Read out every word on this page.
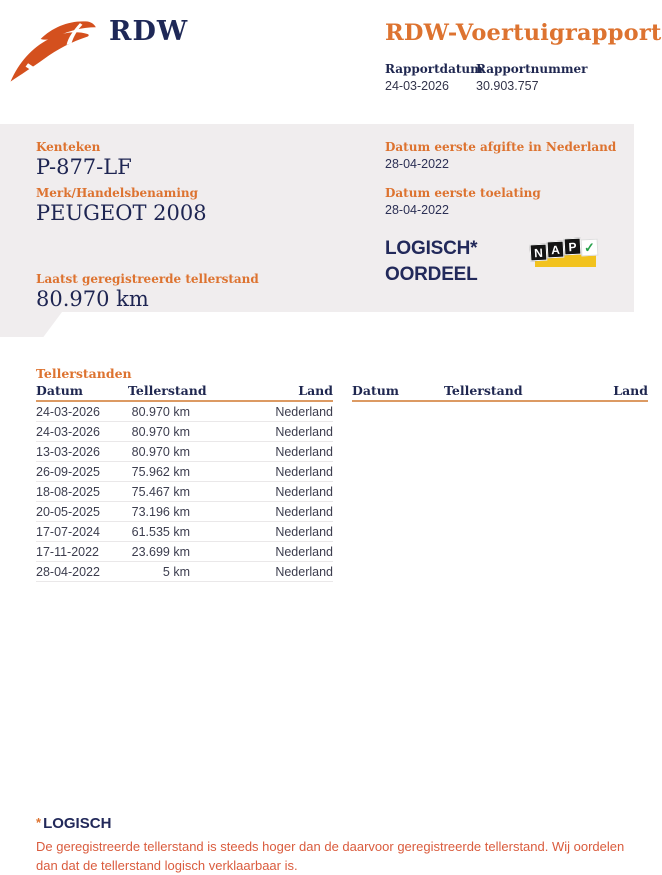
RDW	RDW-Voertuigrapport
Rapportdatum
24-03-2026
Rapportnummer
30.903.757
Kenteken
P-877-LF
Merk/Handelsbenaming
PEUGEOT 2008
Laatst geregistreerde tellerstand
80.970 km
Datum eerste afgifte in Nederland
28-04-2022
Datum eerste toelating
28-04-2022
LOGISCH*
OORDEEL
N A P ✓
Tellerstanden
Datum	Tellerstand	Land
24-03-2026	80.970 km	Nederland
24-03-2026	80.970 km	Nederland
13-03-2026	80.970 km	Nederland
26-09-2025	75.962 km	Nederland
18-08-2025	75.467 km	Nederland
20-05-2025	73.196 km	Nederland
17-07-2024	61.535 km	Nederland
17-11-2022	23.699 km	Nederland
28-04-2022	5 km	Nederland
Datum	Tellerstand	Land
* LOGISCH
De geregistreerde tellerstand is steeds hoger dan de daarvoor geregistreerde tellerstand. Wij oordelen dan dat de tellerstand logisch verklaarbaar is.
